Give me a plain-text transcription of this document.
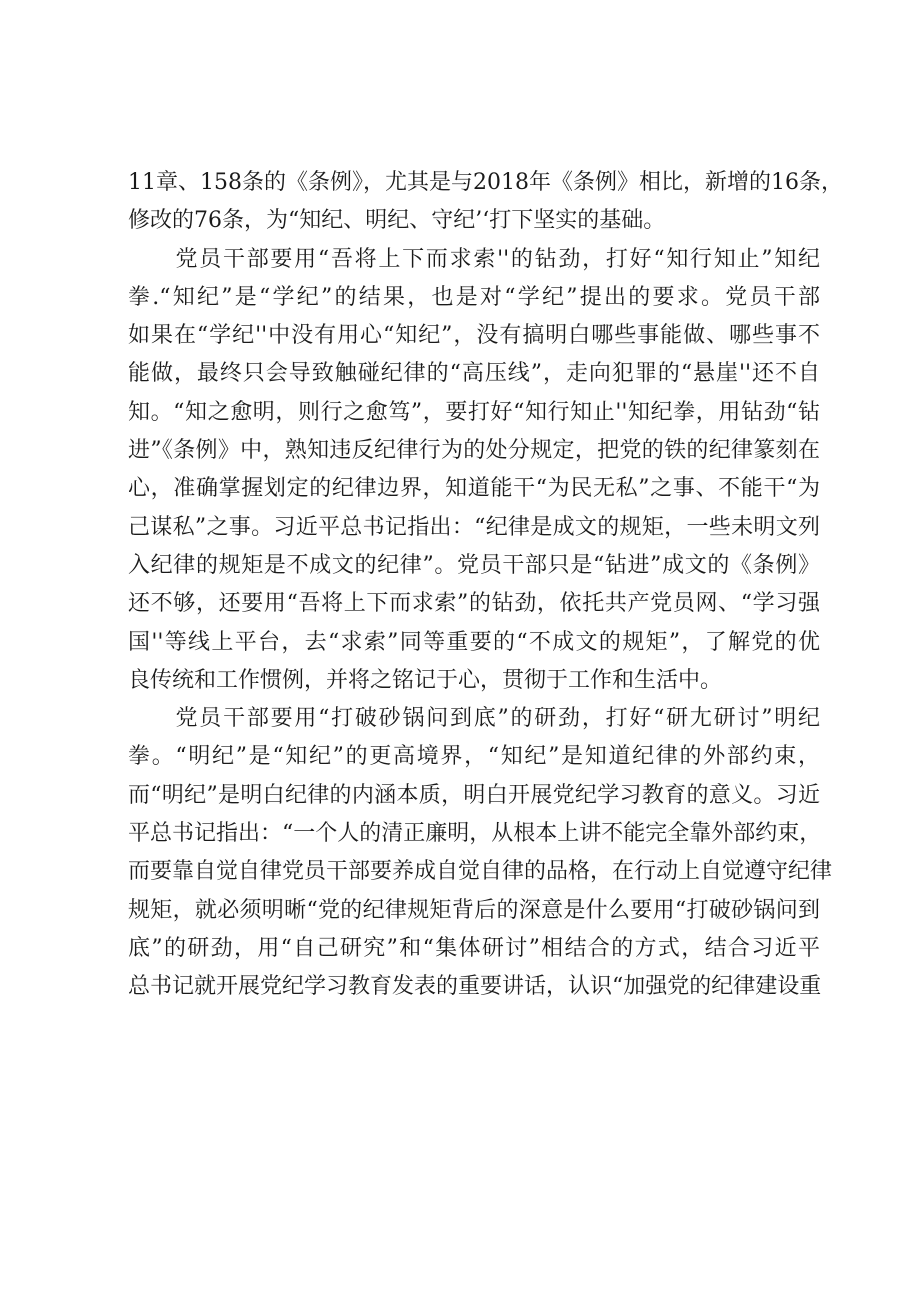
11章、158条的《条例》，尤其是与2018年《条例》相比，新增的16条，
修改的76条，为“知纪、明纪、守纪’‘打下坚实的基础。
　　党员干部要用“吾将上下而求索''的钻劲，打好“知行知止”知纪
拳.“知纪”是“学纪”的结果，也是对“学纪”提出的要求。党员干部
如果在“学纪''中没有用心“知纪”，没有搞明白哪些事能做、哪些事不
能做，最终只会导致触碰纪律的“高压线”，走向犯罪的“悬崖''还不自
知。“知之愈明，则行之愈笃”，要打好“知行知止''知纪拳，用钻劲“钻
进”《条例》中，熟知违反纪律行为的处分规定，把党的铁的纪律篆刻在
心，准确掌握划定的纪律边界，知道能干“为民无私”之事、不能干“为
己谋私”之事。习近平总书记指出：“纪律是成文的规矩，一些未明文列
入纪律的规矩是不成文的纪律”。党员干部只是“钻进”成文的《条例》
还不够，还要用“吾将上下而求索”的钻劲，依托共产党员网、“学习强
国''等线上平台，去“求索”同等重要的“不成文的规矩”，了解党的优
良传统和工作惯例，并将之铭记于心，贯彻于工作和生活中。
　　党员干部要用“打破砂锅问到底”的研劲，打好“研尢研讨”明纪
拳。“明纪”是“知纪”的更高境界，“知纪”是知道纪律的外部约束，
而“明纪”是明白纪律的内涵本质，明白开展党纪学习教育的意义。习近
平总书记指出：“一个人的清正廉明，从根本上讲不能完全靠外部约束，
而要靠自觉自律党员干部要养成自觉自律的品格，在行动上自觉遵守纪律
规矩，就必须明晰“党的纪律规矩背后的深意是什么要用“打破砂锅问到
底”的研劲，用“自己研究”和“集体研讨”相结合的方式，结合习近平
总书记就开展党纪学习教育发表的重要讲话，认识“加强党的纪律建设重
